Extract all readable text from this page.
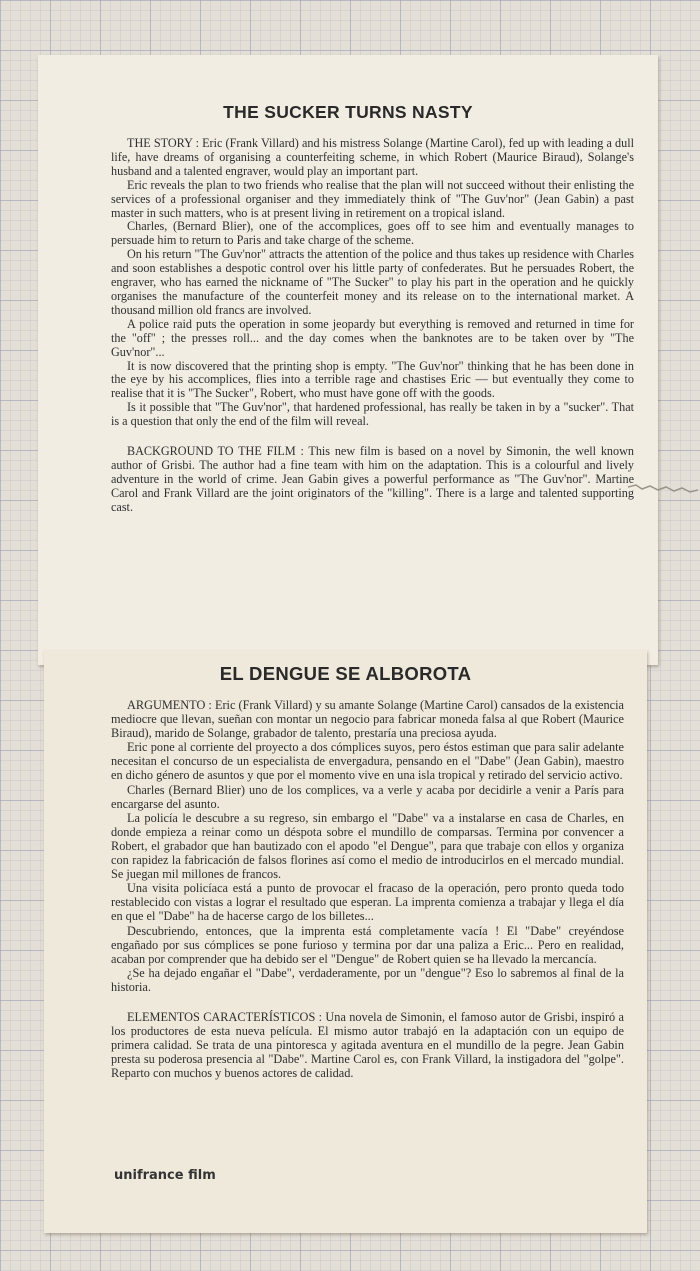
THE SUCKER TURNS NASTY

THE STORY : Eric (Frank Villard) and his mistress Solange (Martine Carol), fed up with leading a dull life, have dreams of organising a counterfeiting scheme, in which Robert (Maurice Biraud), Solange's husband and a talented engraver, would play an important part.

Eric reveals the plan to two friends who realise that the plan will not succeed without their enlisting the services of a professional organiser and they immediately think of "The Guv'nor" (Jean Gabin) a past master in such matters, who is at present living in retirement on a tropical island.

Charles, (Bernard Blier), one of the accomplices, goes off to see him and eventually manages to persuade him to return to Paris and take charge of the scheme.

On his return "The Guv'nor" attracts the attention of the police and thus takes up residence with Charles and soon establishes a despotic control over his little party of confederates. But he persuades Robert, the engraver, who has earned the nickname of "The Sucker" to play his part in the operation and he quickly organises the manufacture of the counterfeit money and its release on to the international market. A thousand million old francs are involved.

A police raid puts the operation in some jeopardy but everything is removed and returned in time for the "off" ; the presses roll... and the day comes when the banknotes are to be taken over by "The Guv'nor"...

It is now discovered that the printing shop is empty. "The Guv'nor" thinking that he has been done in the eye by his accomplices, flies into a terrible rage and chastises Eric — but eventually they come to realise that it is "The Sucker", Robert, who must have gone off with the goods.

Is it possible that "The Guv'nor", that hardened professional, has really be taken in by a "sucker". That is a question that only the end of the film will reveal.

BACKGROUND TO THE FILM : This new film is based on a novel by Simonin, the well known author of Grisbi. The author had a fine team with him on the adaptation. This is a colourful and lively adventure in the world of crime. Jean Gabin gives a powerful performance as "The Guv'nor". Martine Carol and Frank Villard are the joint originators of the "killing". There is a large and talented supporting cast.

EL DENGUE SE ALBOROTA

ARGUMENTO : Eric (Frank Villard) y su amante Solange (Martine Carol) cansados de la existencia mediocre que llevan, sueñan con montar un negocio para fabricar moneda falsa al que Robert (Maurice Biraud), marido de Solange, grabador de talento, prestaría una preciosa ayuda.

Eric pone al corriente del proyecto a dos cómplices suyos, pero éstos estiman que para salir adelante necesitan el concurso de un especialista de envergadura, pensando en el "Dabe" (Jean Gabin), maestro en dicho género de asuntos y que por el momento vive en una isla tropical y retirado del servicio activo.

Charles (Bernard Blier) uno de los complices, va a verle y acaba por decidirle a venir a París para encargarse del asunto.

La policía le descubre a su regreso, sin embargo el "Dabe" va a instalarse en casa de Charles, en donde empieza a reinar como un déspota sobre el mundillo de comparsas. Termina por convencer a Robert, el grabador que han bautizado con el apodo "el Dengue", para que trabaje con ellos y organiza con rapidez la fabricación de falsos florines así como el medio de introducirlos en el mercado mundial. Se juegan mil millones de francos.

Una visita policíaca está a punto de provocar el fracaso de la operación, pero pronto queda todo restablecido con vistas a lograr el resultado que esperan. La imprenta comienza a trabajar y llega el día en que el "Dabe" ha de hacerse cargo de los billetes...

Descubriendo, entonces, que la imprenta está completamente vacía ! El "Dabe" creyéndose engañado por sus cómplices se pone furioso y termina por dar una paliza a Eric... Pero en realidad, acaban por comprender que ha debido ser el "Dengue" de Robert quien se ha llevado la mercancía.

¿Se ha dejado engañar el "Dabe", verdaderamente, por un "dengue"? Eso lo sabremos al final de la historia.

ELEMENTOS CARACTERÍSTICOS : Una novela de Simonin, el famoso autor de Grisbi, inspiró a los productores de esta nueva película. El mismo autor trabajó en la adaptación con un equipo de primera calidad. Se trata de una pintoresca y agitada aventura en el mundillo de la pegre. Jean Gabin presta su poderosa presencia al "Dabe". Martine Carol es, con Frank Villard, la instigadora del "golpe". Reparto con muchos y buenos actores de calidad.

unifrance film
